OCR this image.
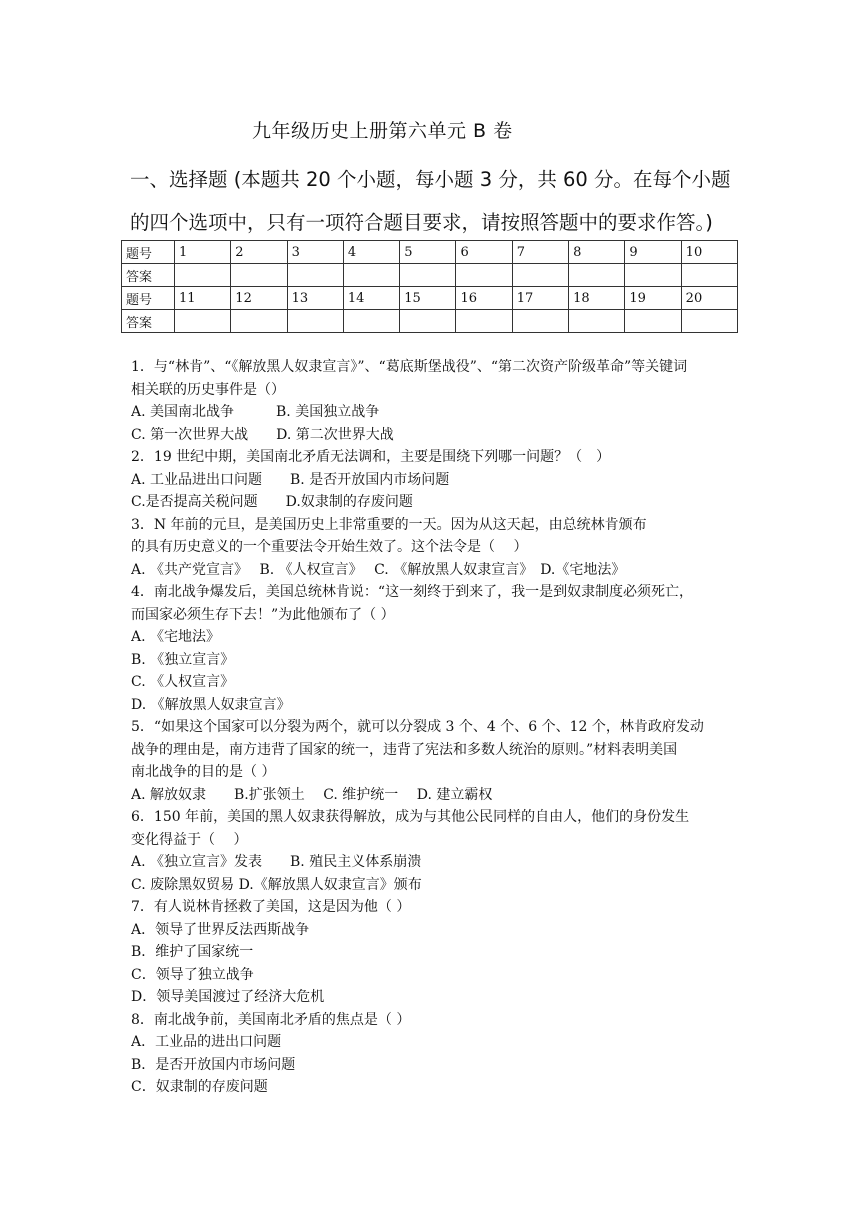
九年级历史上册第六单元 B 卷
一、选择题 (本题共 20 个小题，每小题 3 分，共 60 分。在每个小题
的四个选项中，只有一项符合题目要求，请按照答题中的要求作答。)
题号	1	2	3	4	5	6	7	8	9	10
答案										
题号	11	12	13	14	15	16	17	18	19	20
答案										
1．与“林肯”、“《解放黑人奴隶宣言》”、“葛底斯堡战役”、“第二次资产阶级革命”等关键词
相关联的历史事件是（）
A. 美国南北战争　　　B. 美国独立战争
C. 第一次世界大战　　D. 第二次世界大战
2．19 世纪中期，美国南北矛盾无法调和，主要是围绕下列哪一问题？（　）
A. 工业品进出口问题　　B. 是否开放国内市场问题
C.是否提高关税问题　　D.奴隶制的存废问题
3．N 年前的元旦，是美国历史上非常重要的一天。因为从这天起，由总统林肯颁布
的具有历史意义的一个重要法令开始生效了。这个法令是（　 ）
A. 《共产党宣言》　 B. 《人权宣言》　 C. 《解放黑人奴隶宣言》　D.《宅地法》
4．南北战争爆发后，美国总统林肯说：“这一刻终于到来了，我一是到奴隶制度必须死亡，
而国家必须生存下去！”为此他颁布了（ ）
A. 《宅地法》
B. 《独立宣言》
C. 《人权宣言》
D. 《解放黑人奴隶宣言》
5．“如果这个国家可以分裂为两个，就可以分裂成 3 个、4 个、6 个、12 个，林肯政府发动
战争的理由是，南方违背了国家的统一，违背了宪法和多数人统治的原则。”材料表明美国
南北战争的目的是（ ）
A. 解放奴隶　　B.扩张领土　 C. 维护统一　 D. 建立霸权
6．150 年前，美国的黑人奴隶获得解放，成为与其他公民同样的自由人，他们的身份发生
变化得益于（　 ）
A. 《独立宣言》发表　　B. 殖民主义体系崩溃
C. 废除黑奴贸易 D.《解放黑人奴隶宣言》颁布
7．有人说林肯拯救了美国，这是因为他（ ）
A．领导了世界反法西斯战争
B．维护了国家统一
C．领导了独立战争
D．领导美国渡过了经济大危机
8．南北战争前，美国南北矛盾的焦点是（ ）
A．工业品的进出口问题
B．是否开放国内市场问题
C．奴隶制的存废问题
